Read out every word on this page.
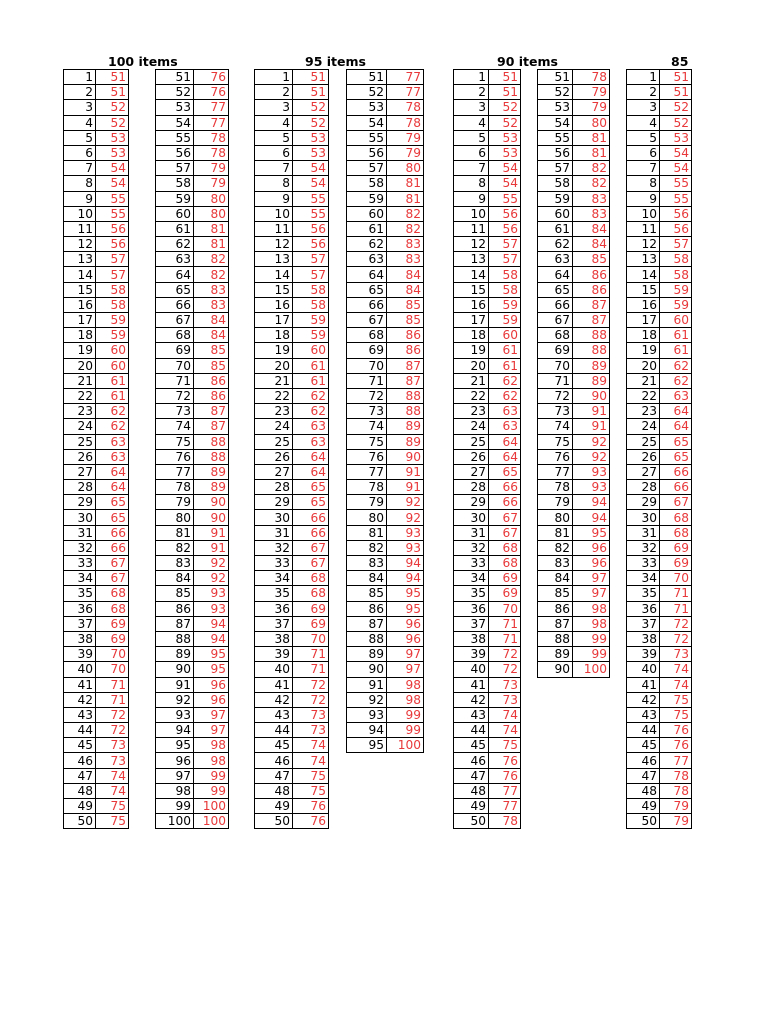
100 items	95 items	90 items	85
1	51
2	51
3	52
4	52
5	53
6	53
7	54
8	54
9	55
10	55
11	56
12	56
13	57
14	57
15	58
16	58
17	59
18	59
19	60
20	60
21	61
22	61
23	62
24	62
25	63
26	63
27	64
28	64
29	65
30	65
31	66
32	66
33	67
34	67
35	68
36	68
37	69
38	69
39	70
40	70
41	71
42	71
43	72
44	72
45	73
46	73
47	74
48	74
49	75
50	75
51	76
52	76
53	77
54	77
55	78
56	78
57	79
58	79
59	80
60	80
61	81
62	81
63	82
64	82
65	83
66	83
67	84
68	84
69	85
70	85
71	86
72	86
73	87
74	87
75	88
76	88
77	89
78	89
79	90
80	90
81	91
82	91
83	92
84	92
85	93
86	93
87	94
88	94
89	95
90	95
91	96
92	96
93	97
94	97
95	98
96	98
97	99
98	99
99	100
100	100
1	51
2	51
3	52
4	52
5	53
6	53
7	54
8	54
9	55
10	55
11	56
12	56
13	57
14	57
15	58
16	58
17	59
18	59
19	60
20	61
21	61
22	62
23	62
24	63
25	63
26	64
27	64
28	65
29	65
30	66
31	66
32	67
33	67
34	68
35	68
36	69
37	69
38	70
39	71
40	71
41	72
42	72
43	73
44	73
45	74
46	74
47	75
48	75
49	76
50	76
51	77
52	77
53	78
54	78
55	79
56	79
57	80
58	81
59	81
60	82
61	82
62	83
63	83
64	84
65	84
66	85
67	85
68	86
69	86
70	87
71	87
72	88
73	88
74	89
75	89
76	90
77	91
78	91
79	92
80	92
81	93
82	93
83	94
84	94
85	95
86	95
87	96
88	96
89	97
90	97
91	98
92	98
93	99
94	99
95	100
1	51
2	51
3	52
4	52
5	53
6	53
7	54
8	54
9	55
10	56
11	56
12	57
13	57
14	58
15	58
16	59
17	59
18	60
19	61
20	61
21	62
22	62
23	63
24	63
25	64
26	64
27	65
28	66
29	66
30	67
31	67
32	68
33	68
34	69
35	69
36	70
37	71
38	71
39	72
40	72
41	73
42	73
43	74
44	74
45	75
46	76
47	76
48	77
49	77
50	78
51	78
52	79
53	79
54	80
55	81
56	81
57	82
58	82
59	83
60	83
61	84
62	84
63	85
64	86
65	86
66	87
67	87
68	88
69	88
70	89
71	89
72	90
73	91
74	91
75	92
76	92
77	93
78	93
79	94
80	94
81	95
82	96
83	96
84	97
85	97
86	98
87	98
88	99
89	99
90	100
1	51
2	51
3	52
4	52
5	53
6	54
7	54
8	55
9	55
10	56
11	56
12	57
13	58
14	58
15	59
16	59
17	60
18	61
19	61
20	62
21	62
22	63
23	64
24	64
25	65
26	65
27	66
28	66
29	67
30	68
31	68
32	69
33	69
34	70
35	71
36	71
37	72
38	72
39	73
40	74
41	74
42	75
43	75
44	76
45	76
46	77
47	78
48	78
49	79
50	79
